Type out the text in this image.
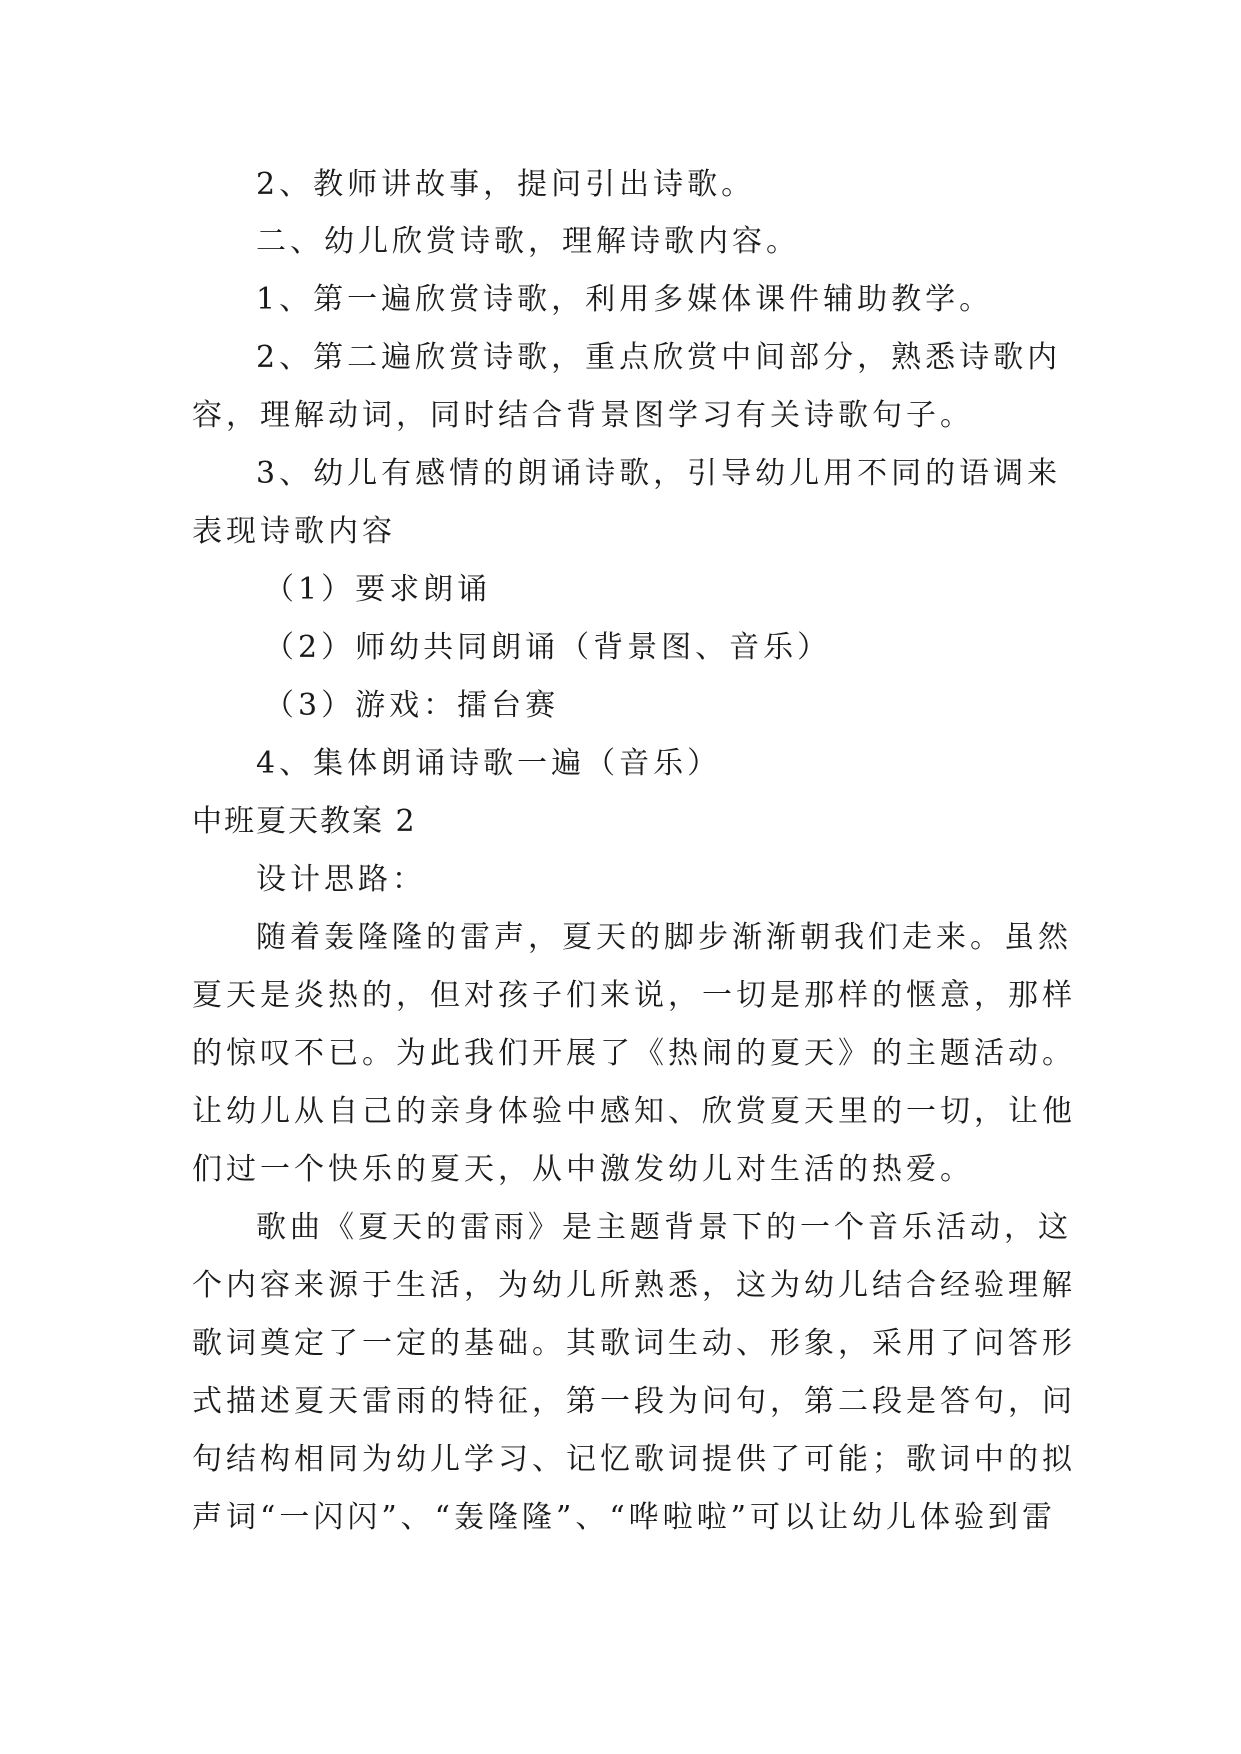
2、教师讲故事，提问引出诗歌。
二、幼儿欣赏诗歌，理解诗歌内容。
1、第一遍欣赏诗歌，利用多媒体课件辅助教学。
2、第二遍欣赏诗歌，重点欣赏中间部分，熟悉诗歌内
容，理解动词，同时结合背景图学习有关诗歌句子。
3、幼儿有感情的朗诵诗歌，引导幼儿用不同的语调来
表现诗歌内容
（1）要求朗诵
（2）师幼共同朗诵（背景图、音乐）
（3）游戏：擂台赛
4、集体朗诵诗歌一遍（音乐）
中班夏天教案 2
设计思路：
随着轰隆隆的雷声，夏天的脚步渐渐朝我们走来。虽然
夏天是炎热的，但对孩子们来说，一切是那样的惬意，那样
的惊叹不已。为此我们开展了《热闹的夏天》的主题活动。
让幼儿从自己的亲身体验中感知、欣赏夏天里的一切，让他
们过一个快乐的夏天，从中激发幼儿对生活的热爱。
歌曲《夏天的雷雨》是主题背景下的一个音乐活动，这
个内容来源于生活，为幼儿所熟悉，这为幼儿结合经验理解
歌词奠定了一定的基础。其歌词生动、形象，采用了问答形
式描述夏天雷雨的特征，第一段为问句，第二段是答句，问
句结构相同为幼儿学习、记忆歌词提供了可能；歌词中的拟
声词“一闪闪”、“轰隆隆”、“哗啦啦”可以让幼儿体验到雷
